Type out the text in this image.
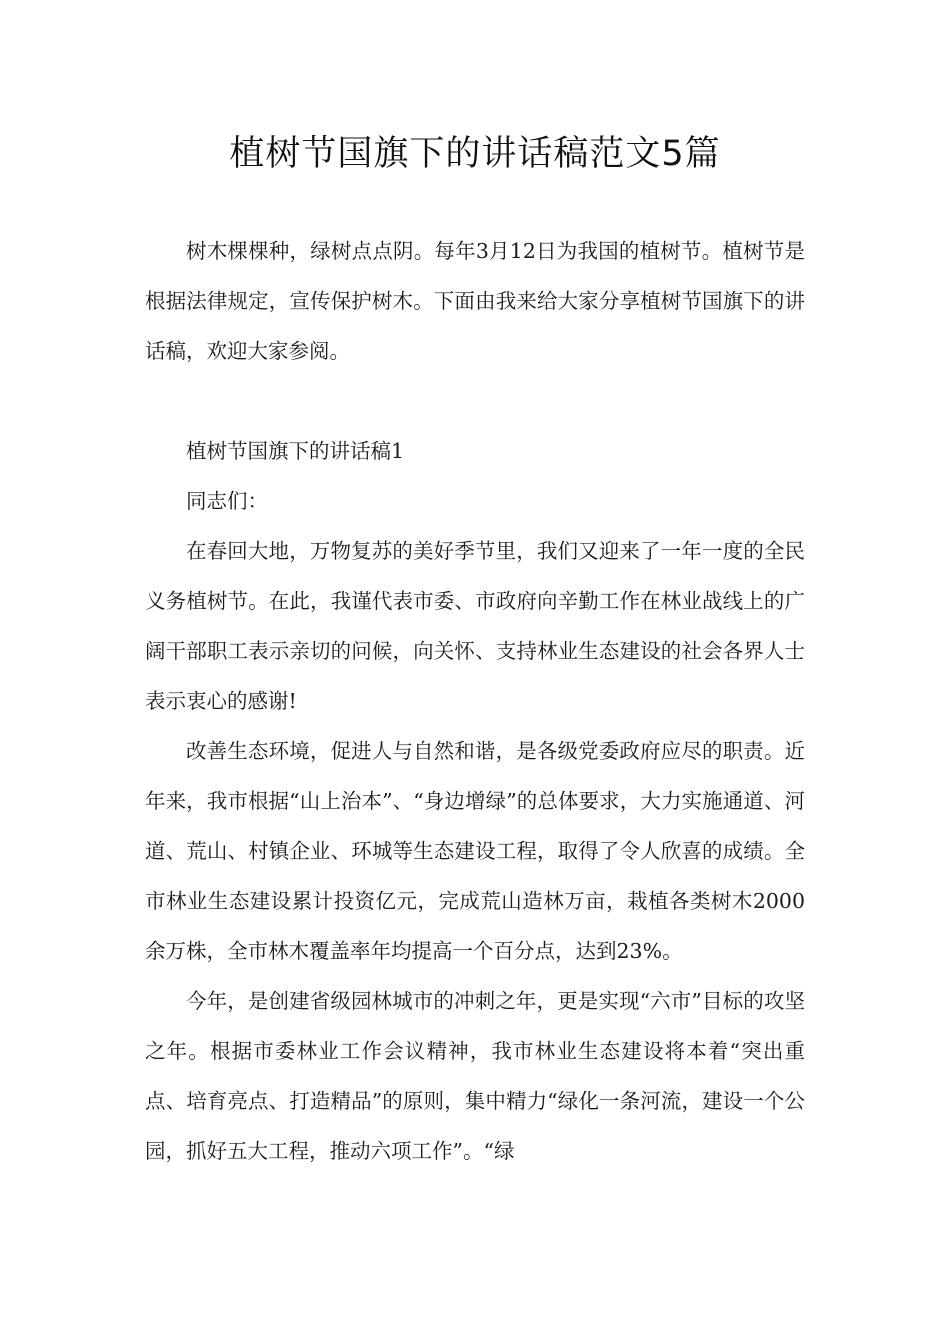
植树节国旗下的讲话稿范文5篇

树木棵棵种，绿树点点阴。每年3月12日为我国的植树节。植树节是根据法律规定，宣传保护树木。下面由我来给大家分享植树节国旗下的讲话稿，欢迎大家参阅。

植树节国旗下的讲话稿1

同志们：

在春回大地，万物复苏的美好季节里，我们又迎来了一年一度的全民义务植树节。在此，我谨代表市委、市政府向辛勤工作在林业战线上的广阔干部职工表示亲切的问候，向关怀、支持林业生态建设的社会各界人士表示衷心的感谢!

改善生态环境，促进人与自然和谐，是各级党委政府应尽的职责。近年来，我市根据“山上治本”、“身边增绿”的总体要求，大力实施通道、河道、荒山、村镇企业、环城等生态建设工程，取得了令人欣喜的成绩。全市林业生态建设累计投资亿元，完成荒山造林万亩，栽植各类树木2000余万株，全市林木覆盖率年均提高一个百分点，达到23%。

今年，是创建省级园林城市的冲刺之年，更是实现“六市”目标的攻坚之年。根据市委林业工作会议精神，我市林业生态建设将本着“突出重点、培育亮点、打造精品”的原则，集中精力“绿化一条河流，建设一个公园，抓好五大工程，推动六项工作”。“绿
